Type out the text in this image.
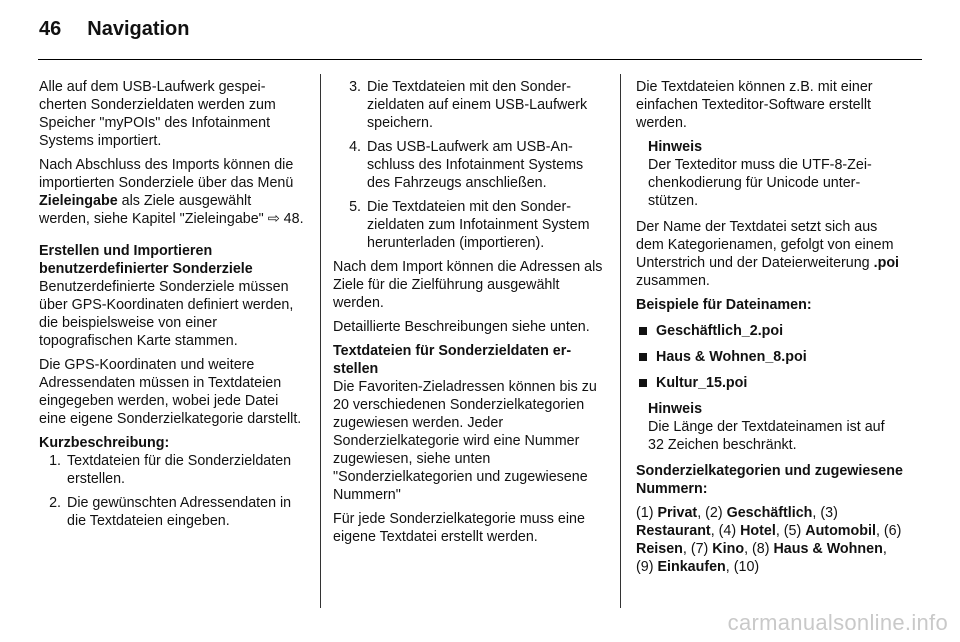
46 Navigation

Alle auf dem USB-Laufwerk gespeicherten Sonderzieldaten werden zum Speicher "myPOIs" des Infotainment Systems importiert.

Nach Abschluss des Imports können die importierten Sonderziele über das Menü Zieleingabe als Ziele ausgewählt werden, siehe Kapitel "Zieleingabe" ⇨ 48.

Erstellen und Importieren benutzerdefinierter Sonderziele

Benutzerdefinierte Sonderziele müssen über GPS-Koordinaten definiert werden, die beispielsweise von einer topografischen Karte stammen.

Die GPS-Koordinaten und weitere Adressendaten müssen in Textdateien eingegeben werden, wobei jede Datei eine eigene Sonderzielkategorie darstellt.

Kurzbeschreibung:
1. Textdateien für die Sonderzieldaten erstellen.
2. Die gewünschten Adressendaten in die Textdateien eingeben.
3. Die Textdateien mit den Sonderzieldaten auf einem USB-Laufwerk speichern.
4. Das USB-Laufwerk am USB-Anschluss des Infotainment Systems des Fahrzeugs anschließen.
5. Die Textdateien mit den Sonderzieldaten zum Infotainment System herunterladen (importieren).

Nach dem Import können die Adressen als Ziele für die Zielführung ausgewählt werden.

Detaillierte Beschreibungen siehe unten.

Textdateien für Sonderzieldaten erstellen

Die Favoriten-Zieladressen können bis zu 20 verschiedenen Sonderzielkategorien zugewiesen werden. Jeder Sonderzielkategorie wird eine Nummer zugewiesen, siehe unten "Sonderzielkategorien und zugewiesene Nummern"

Für jede Sonderzielkategorie muss eine eigene Textdatei erstellt werden.

Die Textdateien können z.B. mit einer einfachen Texteditor-Software erstellt werden.

Hinweis
Der Texteditor muss die UTF-8-Zeichenkodierung für Unicode unterstützen.

Der Name der Textdatei setzt sich aus dem Kategorienamen, gefolgt von einem Unterstrich und der Dateierweiterung .poi zusammen.

Beispiele für Dateinamen:

Geschäftlich_2.poi
Haus & Wohnen_8.poi
Kultur_15.poi
Hinweis
Die Länge der Textdateinamen ist auf 32 Zeichen beschränkt.

Sonderzielkategorien und zugewiesene Nummern:

(1) Privat, (2) Geschäftlich, (3) Restaurant, (4) Hotel, (5) Automobil, (6) Reisen, (7) Kino, (8) Haus & Wohnen, (9) Einkaufen, (10)

carmanualsonline.info
